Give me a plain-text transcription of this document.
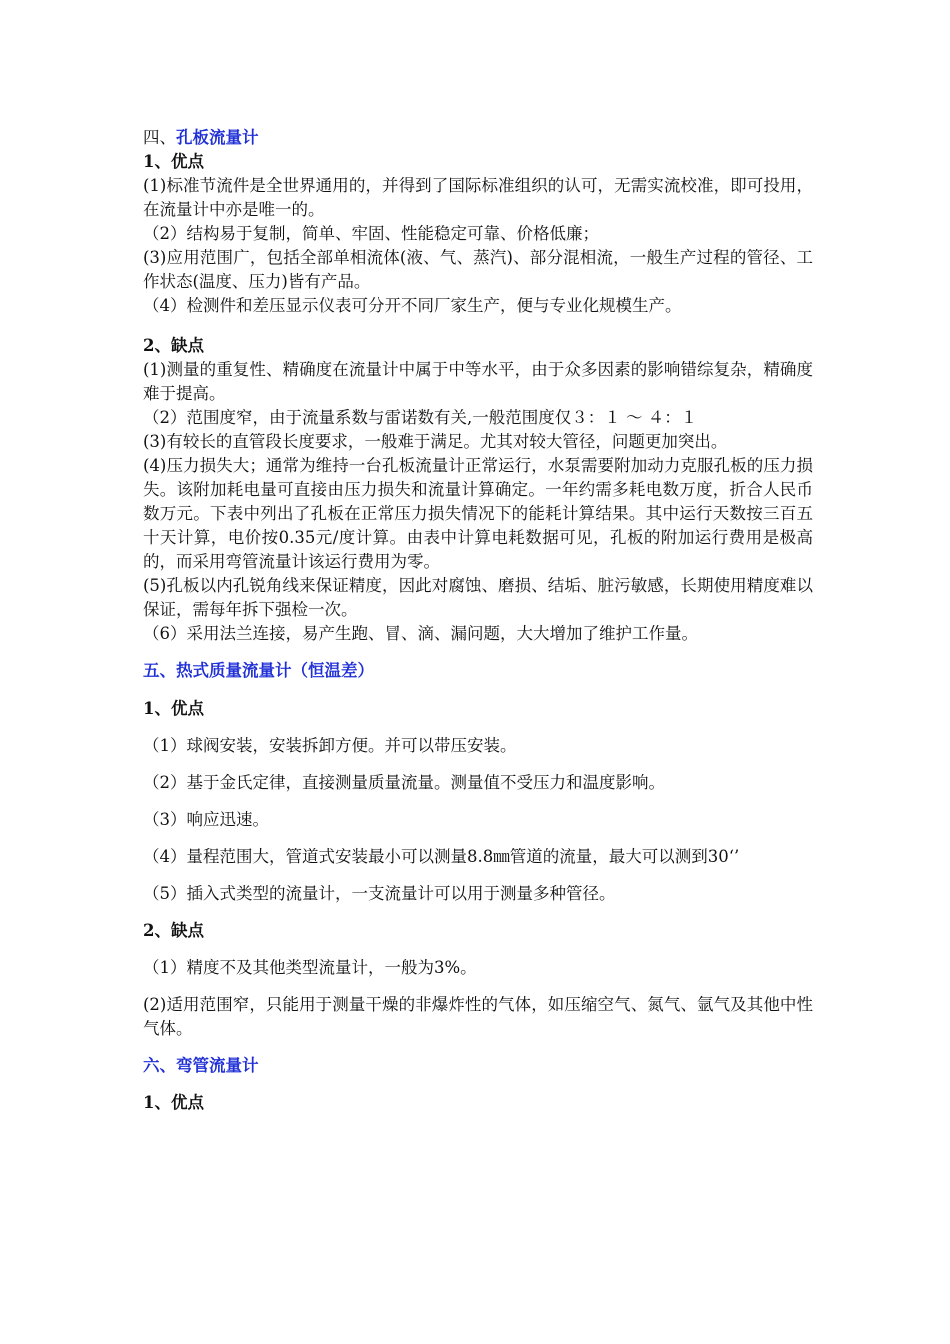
四、孔板流量计
1、优点

(1)标准节流件是全世界通用的，并得到了国际标准组织的认可，无需实流校准，即可投用，在流量计中亦是唯一的。

（2）结构易于复制，简单、牢固、性能稳定可靠、价格低廉；

(3)应用范围广，包括全部单相流体(液、气、蒸汽)、部分混相流，一般生产过程的管径、工作状态(温度、压力)皆有产品。

（4）检测件和差压显示仪表可分开不同厂家生产，便与专业化规模生产。

2、缺点

(1)测量的重复性、精确度在流量计中属于中等水平，由于众多因素的影响错综复杂，精确度难于提高。

（2）范围度窄，由于流量系数与雷诺数有关,一般范围度仅３：１ ～ ４：１

(3)有较长的直管段长度要求，一般难于满足。尤其对较大管径，问题更加突出。

(4)压力损失大；通常为维持一台孔板流量计正常运行，水泵需要附加动力克服孔板的压力损失。该附加耗电量可直接由压力损失和流量计算确定。一年约需多耗电数万度，折合人民币数万元。下表中列出了孔板在正常压力损失情况下的能耗计算结果。其中运行天数按三百五十天计算，电价按0.35元/度计算。由表中计算电耗数据可见，孔板的附加运行费用是极高的，而采用弯管流量计该运行费用为零。

(5)孔板以内孔锐角线来保证精度，因此对腐蚀、磨损、结垢、脏污敏感，长期使用精度难以保证，需每年拆下强检一次。

（6）采用法兰连接，易产生跑、冒、滴、漏问题，大大增加了维护工作量。

五、热式质量流量计（恒温差）

1、优点

（1）球阀安装，安装拆卸方便。并可以带压安装。

（2）基于金氏定律，直接测量质量流量。测量值不受压力和温度影响。

（3）响应迅速。

（4）量程范围大，管道式安装最小可以测量8.8㎜管道的流量，最大可以测到30‘’

（5）插入式类型的流量计，一支流量计可以用于测量多种管径。

2、缺点

（1）精度不及其他类型流量计，一般为3%。

(2)适用范围窄，只能用于测量干燥的非爆炸性的气体，如压缩空气、氮气、氩气及其他中性气体。

六、弯管流量计

1、优点
